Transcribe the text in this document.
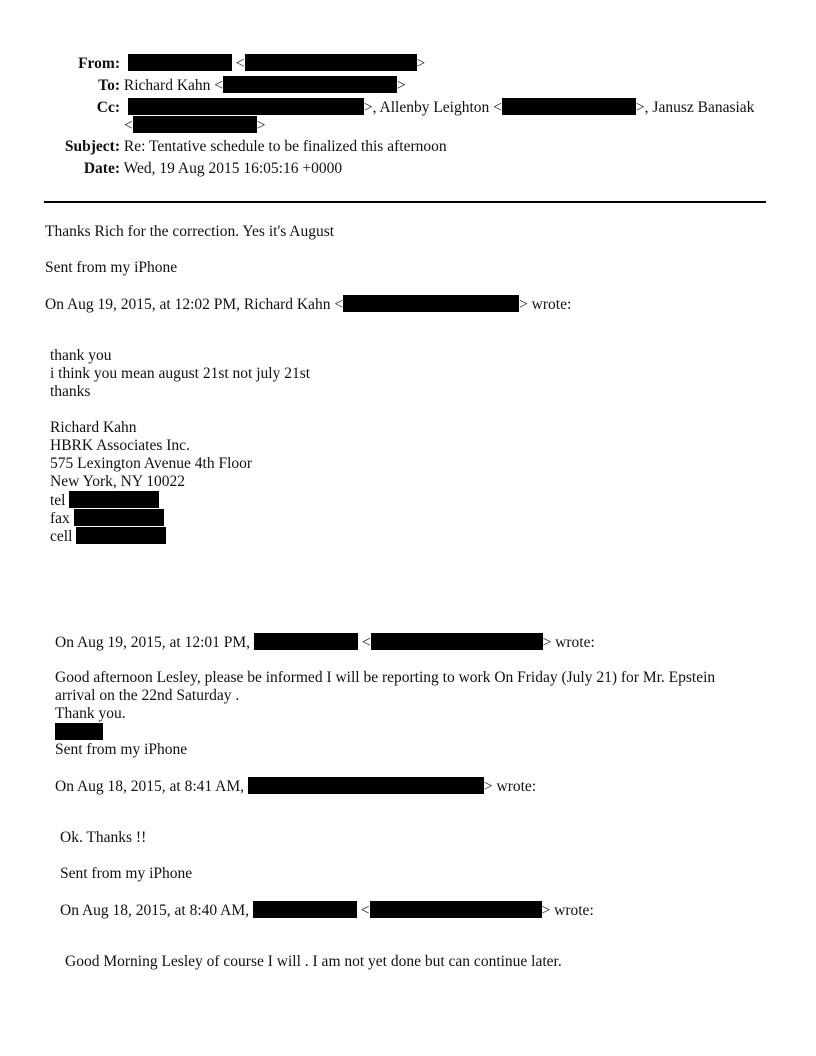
From:	<	>
To: Richard Kahn <	>
Cc:	>, Allenby Leighton <	>, Janusz Banasiak
<	>
Subject: Re: Tentative schedule to be finalized this afternoon
Date: Wed, 19 Aug 2015 16:05:16 +0000
Thanks Rich for the correction. Yes it's August
Sent from my iPhone
On Aug 19, 2015, at 12:02 PM, Richard Kahn <	> wrote:
thank you
i think you mean august 21st not july 21st
thanks
Richard Kahn
HBRK Associates Inc.
575 Lexington Avenue 4th Floor
New York, NY 10022
tel
fax
cell
On Aug 19, 2015, at 12:01 PM,	<	> wrote:
Good afternoon Lesley, please be informed I will be reporting to work On Friday (July 21) for Mr. Epstein
arrival on the 22nd Saturday .
Thank you.
Sent from my iPhone
On Aug 18, 2015, at 8:41 AM,	> wrote:
Ok. Thanks !!
Sent from my iPhone
On Aug 18, 2015, at 8:40 AM,	<	> wrote:
Good Morning Lesley of course I will . I am not yet done but can continue later.
